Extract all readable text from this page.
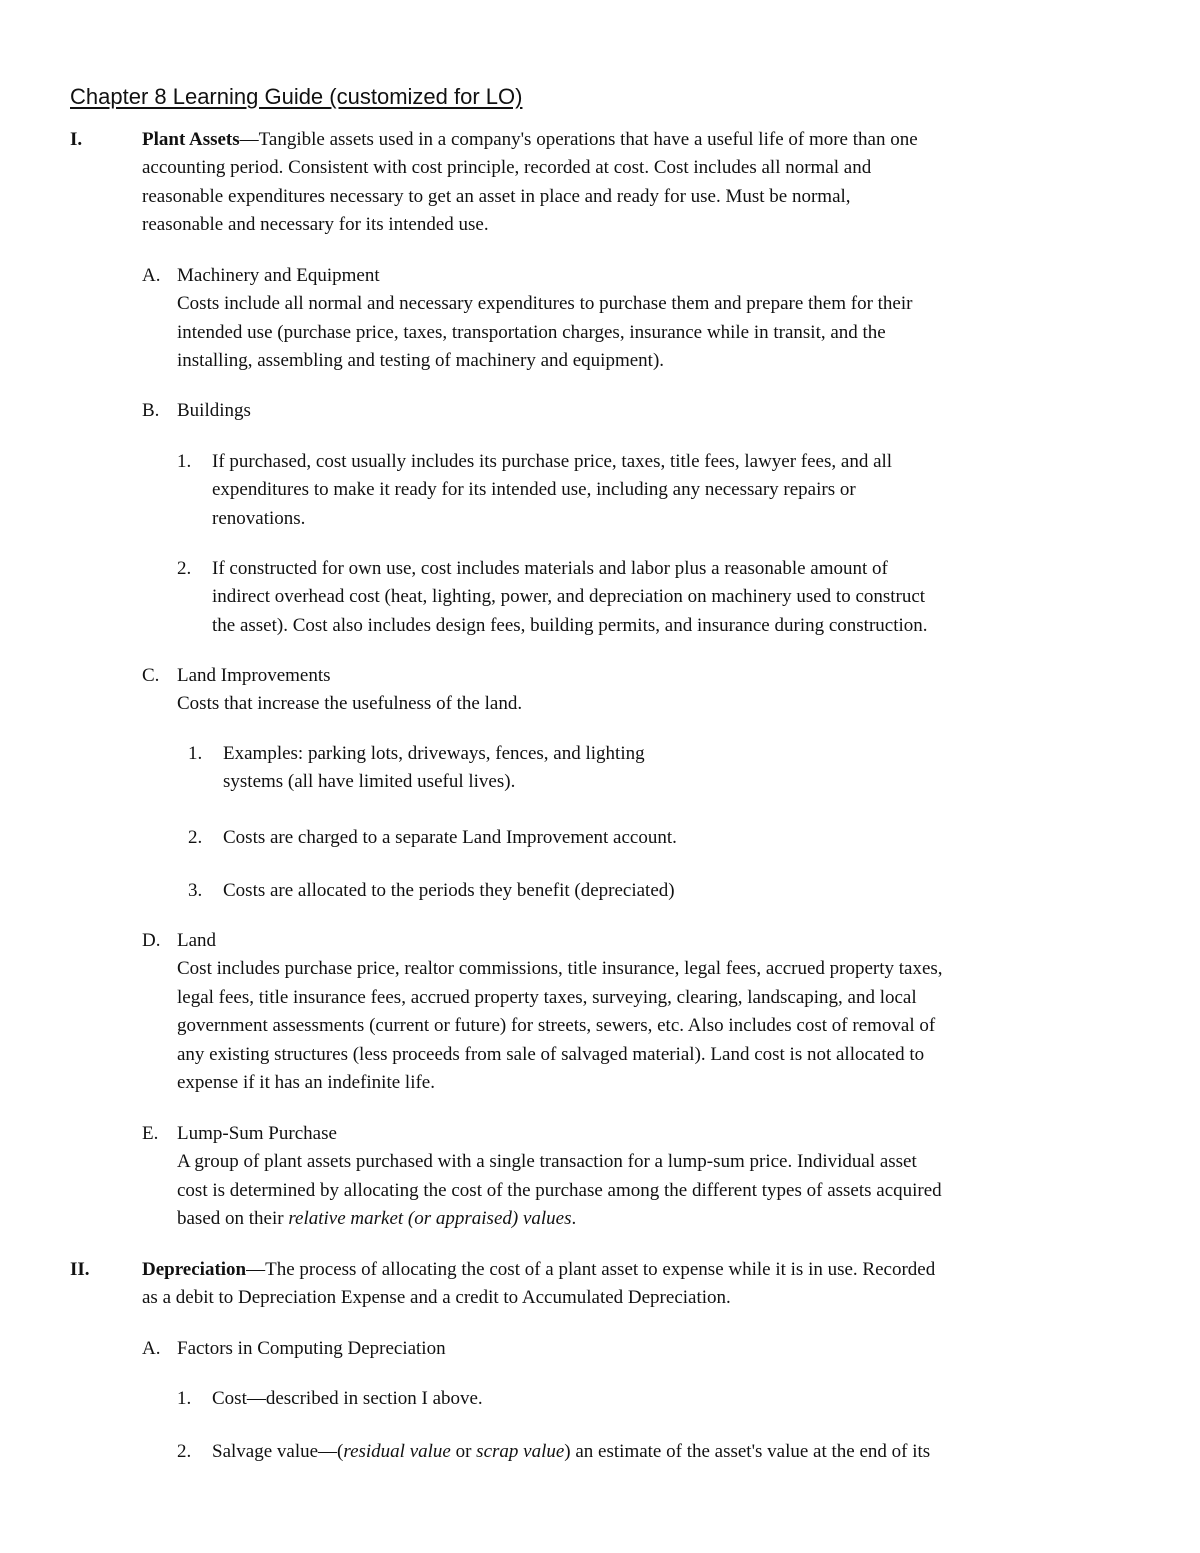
Chapter 8 Learning Guide (customized for LO)
I.	Plant Assets—Tangible assets used in a company's operations that have a useful life of more than one
accounting period. Consistent with cost principle, recorded at cost. Cost includes all normal and
reasonable expenditures necessary to get an asset in place and ready for use. Must be normal,
reasonable and necessary for its intended use.
A. Machinery and Equipment
Costs include all normal and necessary expenditures to purchase them and prepare them for their
intended use (purchase price, taxes, transportation charges, insurance while in transit, and the
installing, assembling and testing of machinery and equipment).
B. Buildings
1. If purchased, cost usually includes its purchase price, taxes, title fees, lawyer fees, and all
expenditures to make it ready for its intended use, including any necessary repairs or
renovations.
2. If constructed for own use, cost includes materials and labor plus a reasonable amount of
indirect overhead cost (heat, lighting, power, and depreciation on machinery used to construct
the asset). Cost also includes design fees, building permits, and insurance during construction.
C. Land Improvements
Costs that increase the usefulness of the land.
1. Examples: parking lots, driveways, fences, and lighting
systems (all have limited useful lives).
2. Costs are charged to a separate Land Improvement account.
3. Costs are allocated to the periods they benefit (depreciated)
D. Land
Cost includes purchase price, realtor commissions, title insurance, legal fees, accrued property taxes,
legal fees, title insurance fees, accrued property taxes, surveying, clearing, landscaping, and local
government assessments (current or future) for streets, sewers, etc. Also includes cost of removal of
any existing structures (less proceeds from sale of salvaged material). Land cost is not allocated to
expense if it has an indefinite life.
E. Lump-Sum Purchase
A group of plant assets purchased with a single transaction for a lump-sum price. Individual asset
cost is determined by allocating the cost of the purchase among the different types of assets acquired
based on their relative market (or appraised) values.
II.	Depreciation—The process of allocating the cost of a plant asset to expense while it is in use. Recorded
as a debit to Depreciation Expense and a credit to Accumulated Depreciation.
A. Factors in Computing Depreciation
1. Cost—described in section I above.
2. Salvage value—(residual value or scrap value) an estimate of the asset's value at the end of its
